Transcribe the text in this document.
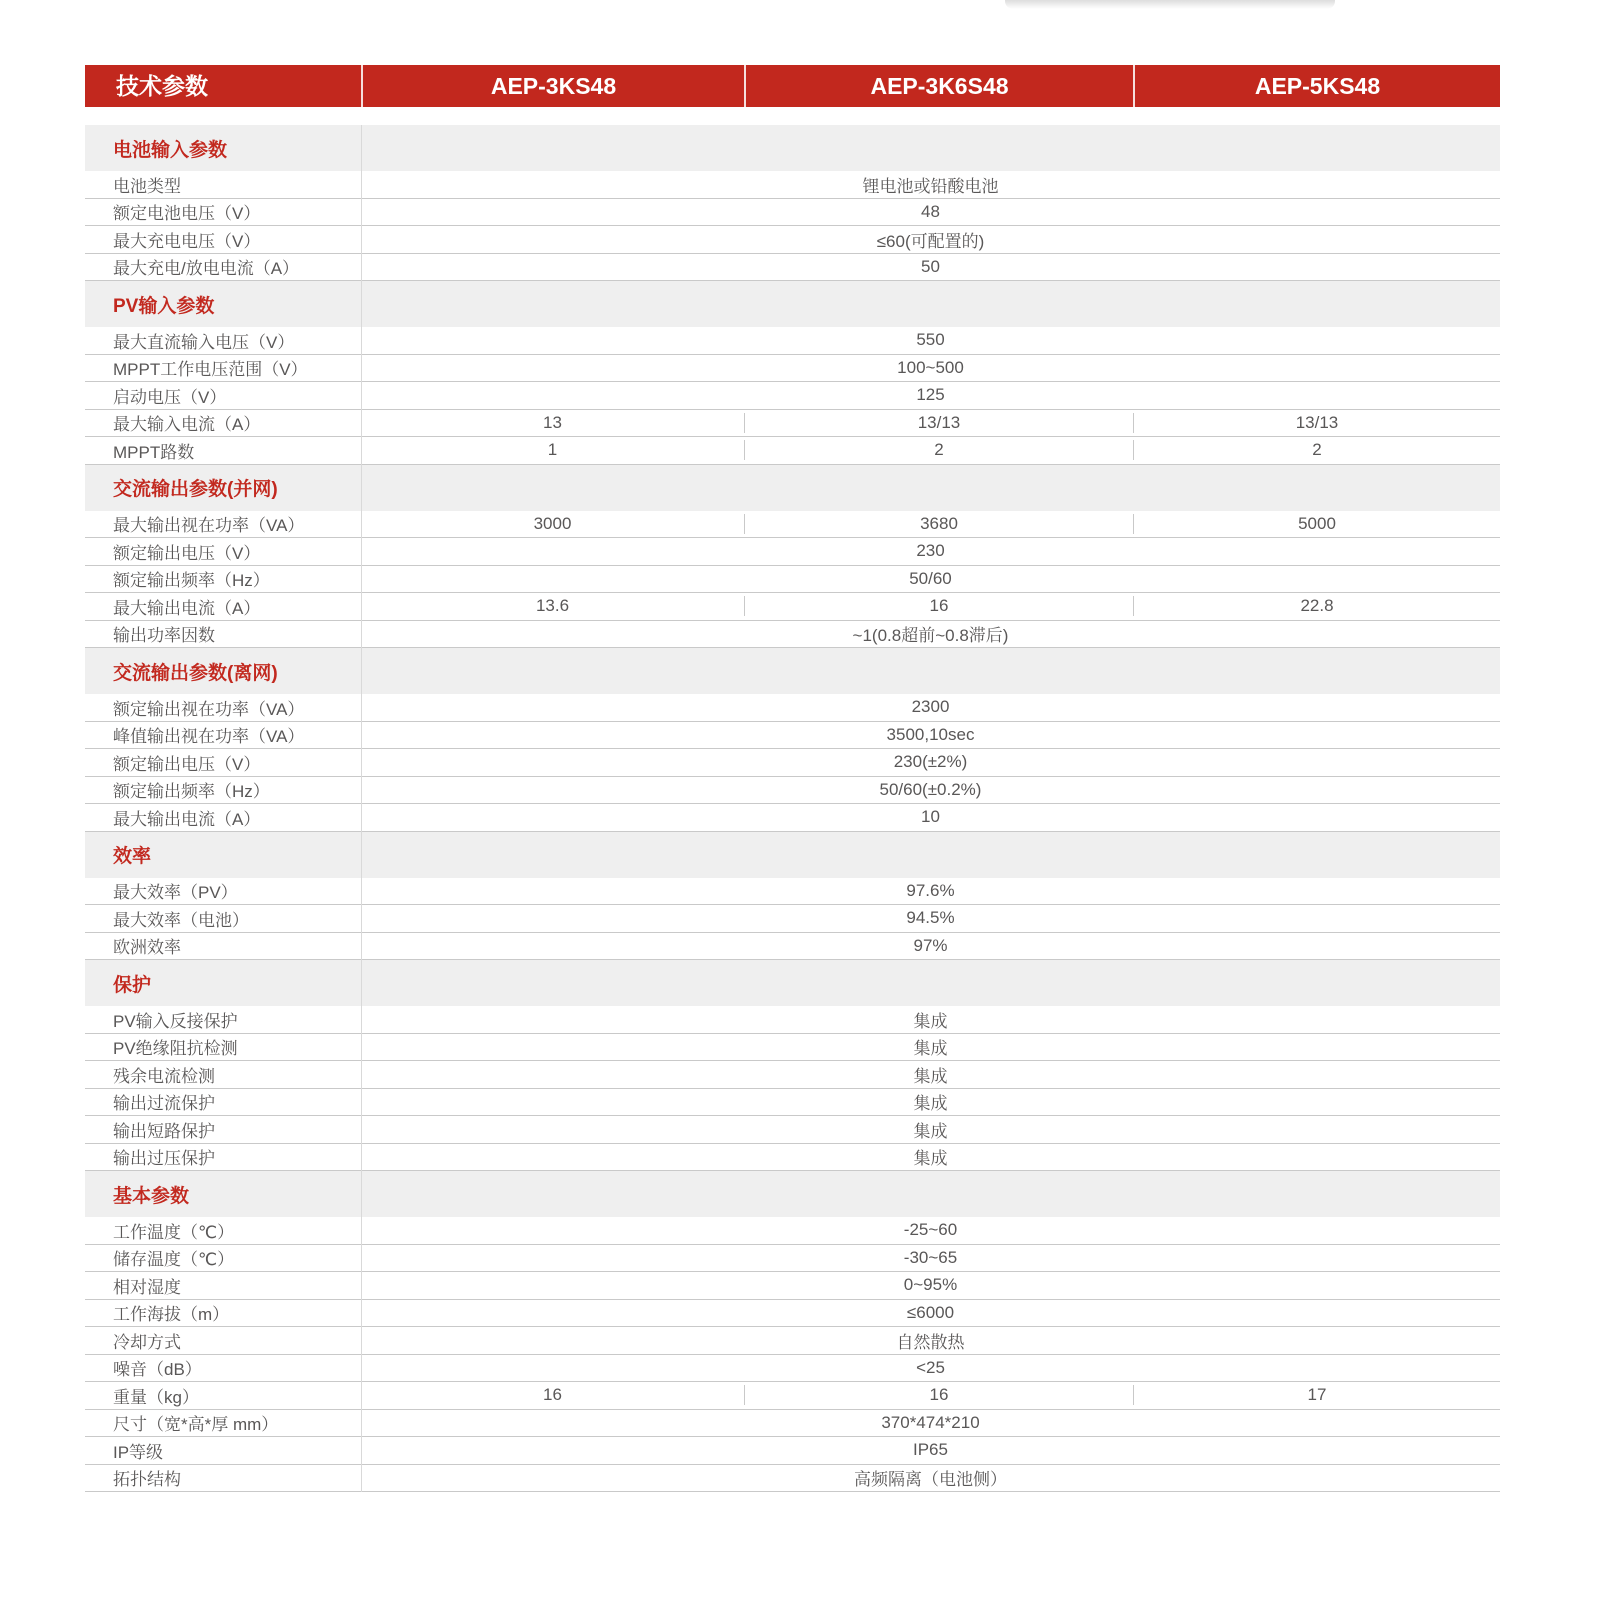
技术参数	AEP-3KS48	AEP-3K6S48	AEP-5KS48
电池输入参数
电池类型	锂电池或铅酸电池
额定电池电压（V）	48
最大充电电压（V）	≤60(可配置的)
最大充电/放电电流（A）	50
PV输入参数
最大直流输入电压（V）	550
MPPT工作电压范围（V）	100~500
启动电压（V）	125
最大输入电流（A）	13	13/13	13/13
MPPT路数	1	2	2
交流输出参数(并网)
最大输出视在功率（VA）	3000	3680	5000
额定输出电压（V）	230
额定输出频率（Hz）	50/60
最大输出电流（A）	13.6	16	22.8
输出功率因数	~1(0.8超前~0.8滞后)
交流输出参数(离网)
额定输出视在功率（VA）	2300
峰值输出视在功率（VA）	3500,10sec
额定输出电压（V）	230(±2%)
额定输出频率（Hz）	50/60(±0.2%)
最大输出电流（A）	10
效率
最大效率（PV）	97.6%
最大效率（电池）	94.5%
欧洲效率	97%
保护
PV输入反接保护	集成
PV绝缘阻抗检测	集成
残余电流检测	集成
输出过流保护	集成
输出短路保护	集成
输出过压保护	集成
基本参数
工作温度（℃）	-25~60
储存温度（℃）	-30~65
相对湿度	0~95%
工作海拔（m）	≤6000
冷却方式	自然散热
噪音（dB）	<25
重量（kg）	16	16	17
尺寸（宽*高*厚 mm）	370*474*210
IP等级	IP65
拓扑结构	高频隔离（电池侧）
